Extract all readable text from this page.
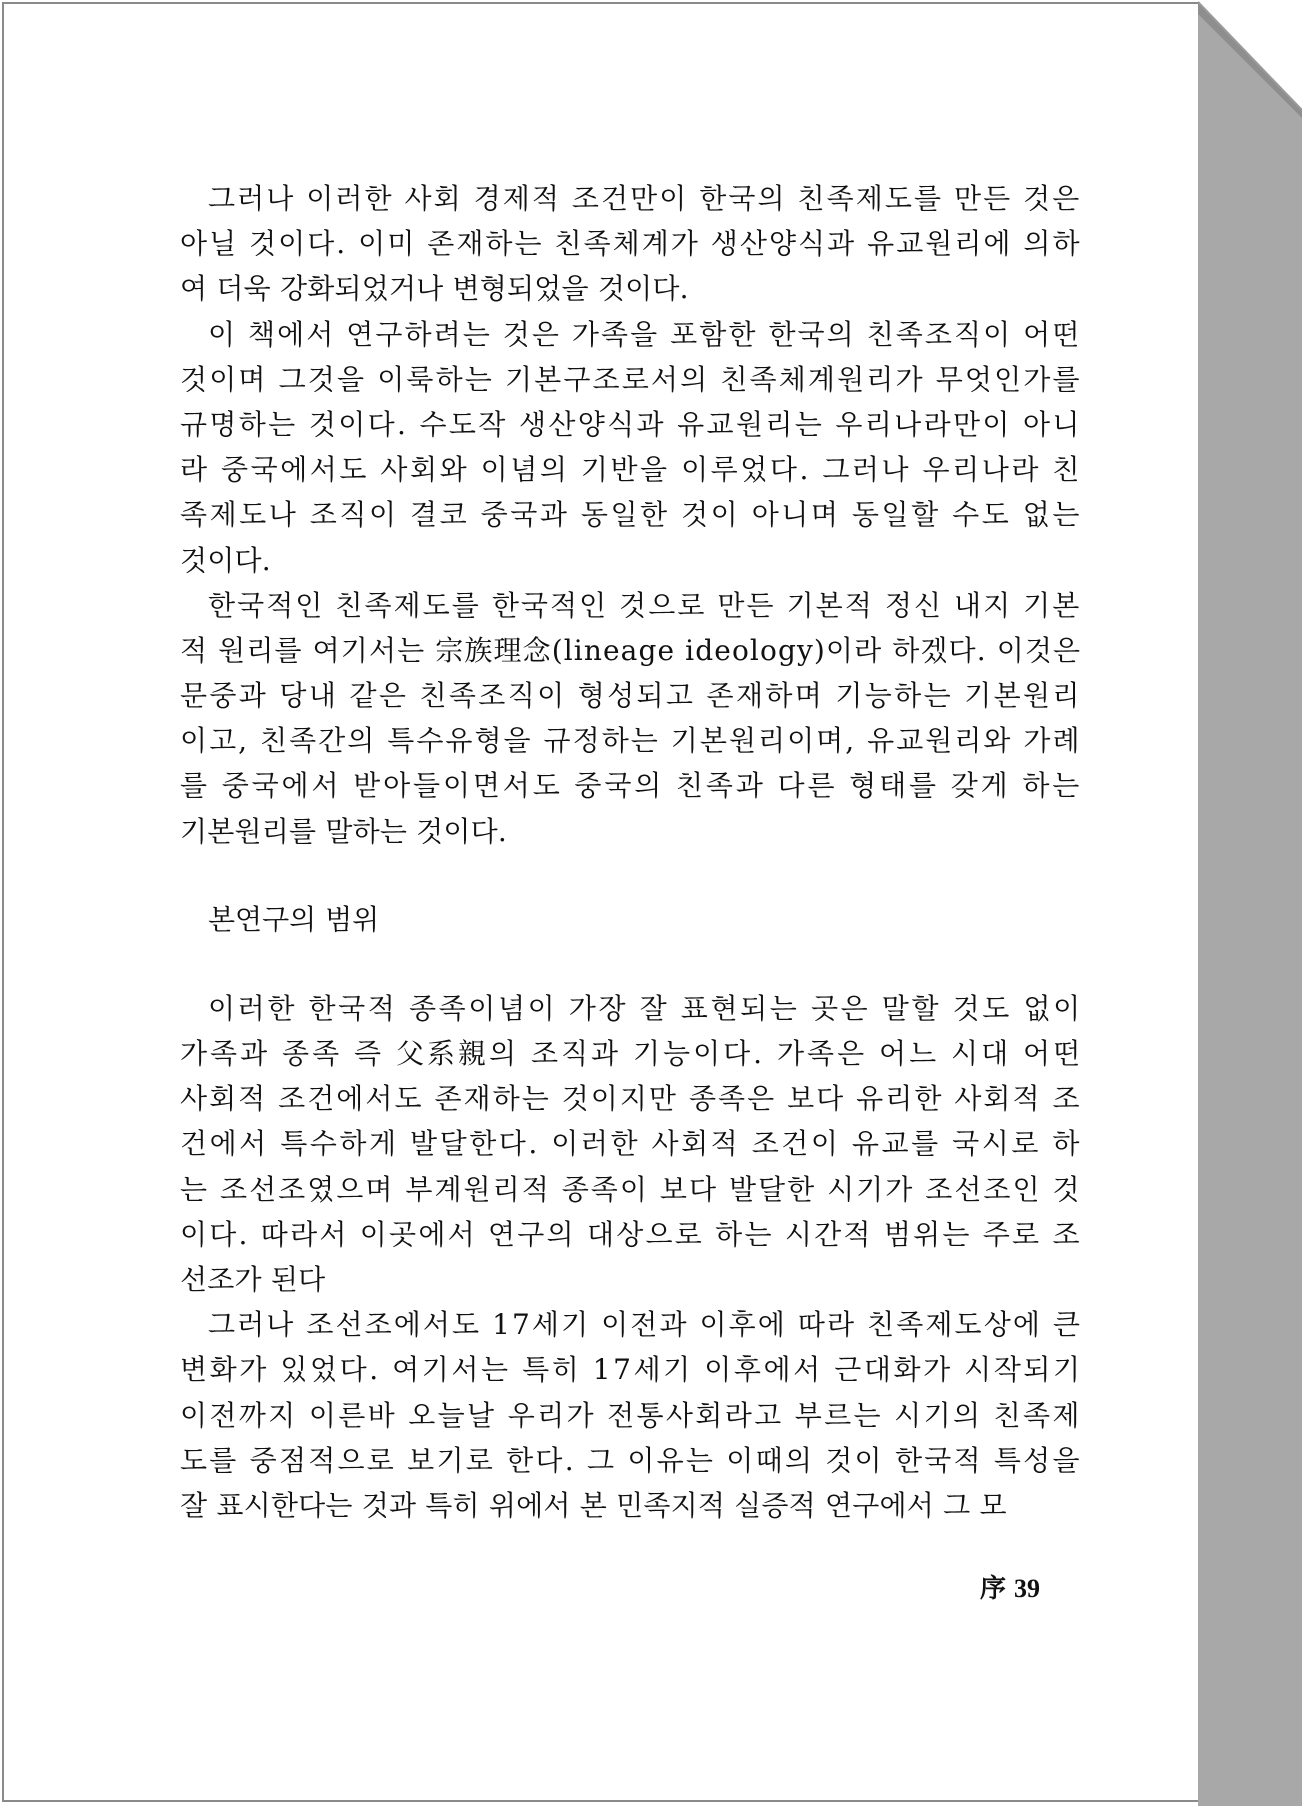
그러나 이러한 사회 경제적 조건만이 한국의 친족제도를 만든 것은

아닐 것이다. 이미 존재하는 친족체계가 생산양식과 유교원리에 의하

여 더욱 강화되었거나 변형되었을 것이다.

이 책에서 연구하려는 것은 가족을 포함한 한국의 친족조직이 어떤

것이며 그것을 이룩하는 기본구조로서의 친족체계원리가 무엇인가를

규명하는 것이다. 수도작 생산양식과 유교원리는 우리나라만이 아니

라 중국에서도 사회와 이념의 기반을 이루었다. 그러나 우리나라 친

족제도나 조직이 결코 중국과 동일한 것이 아니며 동일할 수도 없는

것이다.

한국적인 친족제도를 한국적인 것으로 만든 기본적 정신 내지 기본

적 원리를 여기서는 宗族理念(lineage ideology)이라 하겠다. 이것은

문중과 당내 같은 친족조직이 형성되고 존재하며 기능하는 기본원리

이고, 친족간의 특수유형을 규정하는 기본원리이며, 유교원리와 가례

를 중국에서 받아들이면서도 중국의 친족과 다른 형태를 갖게 하는

기본원리를 말하는 것이다.

본연구의 범위

이러한 한국적 종족이념이 가장 잘 표현되는 곳은 말할 것도 없이

가족과 종족 즉 父系親의 조직과 기능이다. 가족은 어느 시대 어떤

사회적 조건에서도 존재하는 것이지만 종족은 보다 유리한 사회적 조

건에서 특수하게 발달한다. 이러한 사회적 조건이 유교를 국시로 하

는 조선조였으며 부계원리적 종족이 보다 발달한 시기가 조선조인 것

이다. 따라서 이곳에서 연구의 대상으로 하는 시간적 범위는 주로 조

선조가 된다

그러나 조선조에서도 17세기 이전과 이후에 따라 친족제도상에 큰

변화가 있었다. 여기서는 특히 17세기 이후에서 근대화가 시작되기

이전까지 이른바 오늘날 우리가 전통사회라고 부르는 시기의 친족제

도를 중점적으로 보기로 한다. 그 이유는 이때의 것이 한국적 특성을

잘 표시한다는 것과 특히 위에서 본 민족지적 실증적 연구에서 그 모

序 39
